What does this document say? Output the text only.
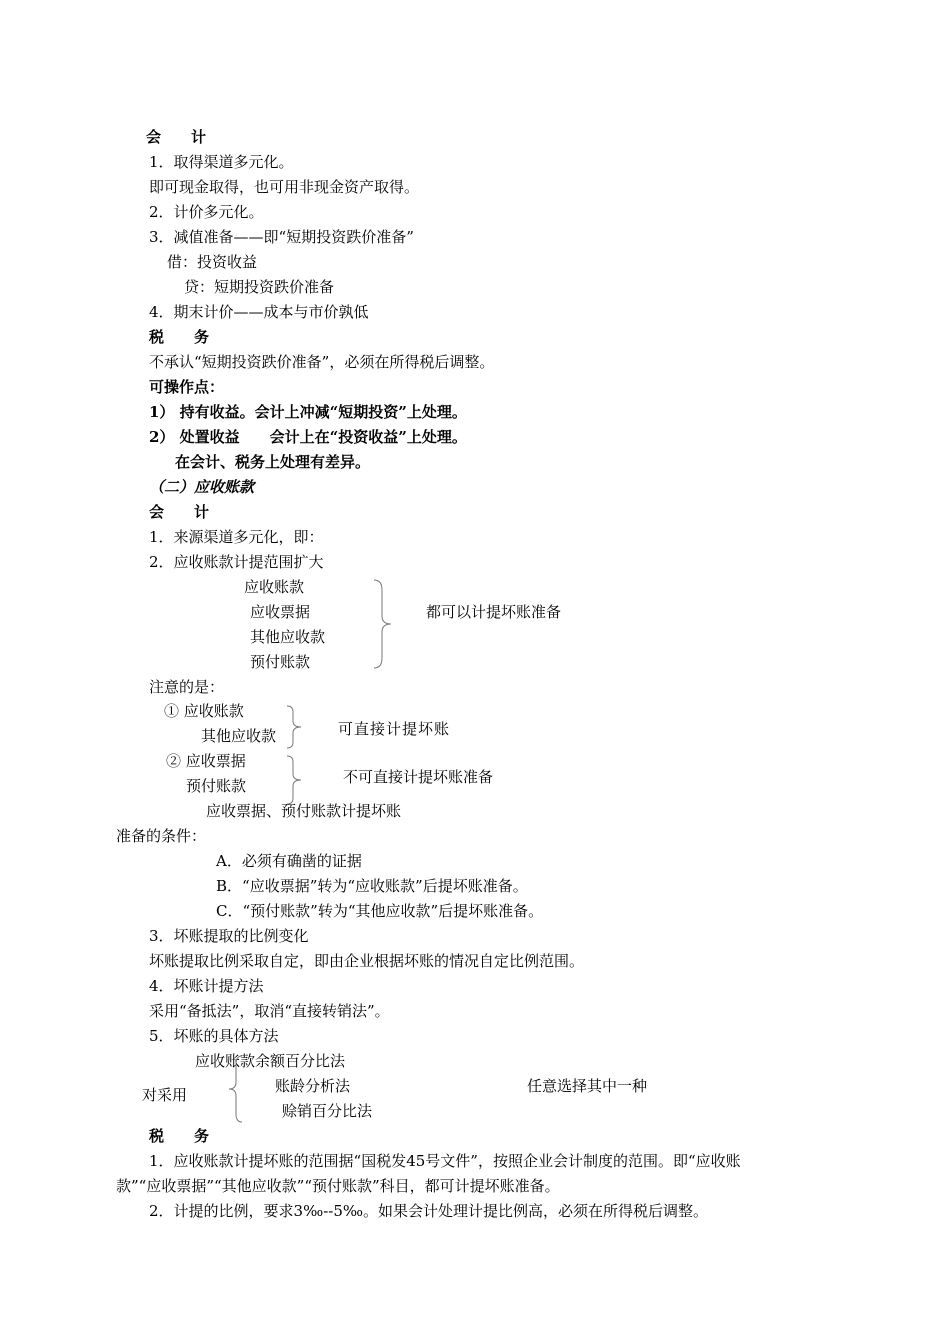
会　　计
1．取得渠道多元化。
即可现金取得，也可用非现金资产取得。
2．计价多元化。
3．减值准备——即“短期投资跌价准备”
借：投资收益
贷：短期投资跌价准备
4．期末计价——成本与市价孰低
税　　务
不承认“短期投资跌价准备”，必须在所得税后调整。
可操作点：
1） 持有收益。会计上冲减“短期投资”上处理。
2） 处置收益　　会计上在“投资收益”上处理。
在会计、税务上处理有差异。
（二）应收账款
会　　计
1．来源渠道多元化，即：
2．应收账款计提范围扩大
应收账款
应收票据
其他应收款
预付账款
都可以计提坏账准备
注意的是：
① 应收账款
其他应收款	可直接计提坏账
② 应收票据
预付账款	不可直接计提坏账准备
应收票据、预付账款计提坏账
准备的条件：
A．必须有确凿的证据
B．“应收票据”转为“应收账款”后提坏账准备。
C．“预付账款”转为“其他应收款”后提坏账准备。
3．坏账提取的比例变化
坏账提取比例采取自定，即由企业根据坏账的情况自定比例范围。
4．坏账计提方法
采用“备抵法”，取消“直接转销法”。
5．坏账的具体方法
应收账款余额百分比法
对采用	账龄分析法
赊销百分比法
任意选择其中一种
税　　务
1．应收账款计提坏账的范围据“国税发45号文件”，按照企业会计制度的范围。即“应收账
款”“应收票据”“其他应收款”“预付账款”科目，都可计提坏账准备。
2．计提的比例，要求3‰--5‰。如果会计处理计提比例高，必须在所得税后调整。
